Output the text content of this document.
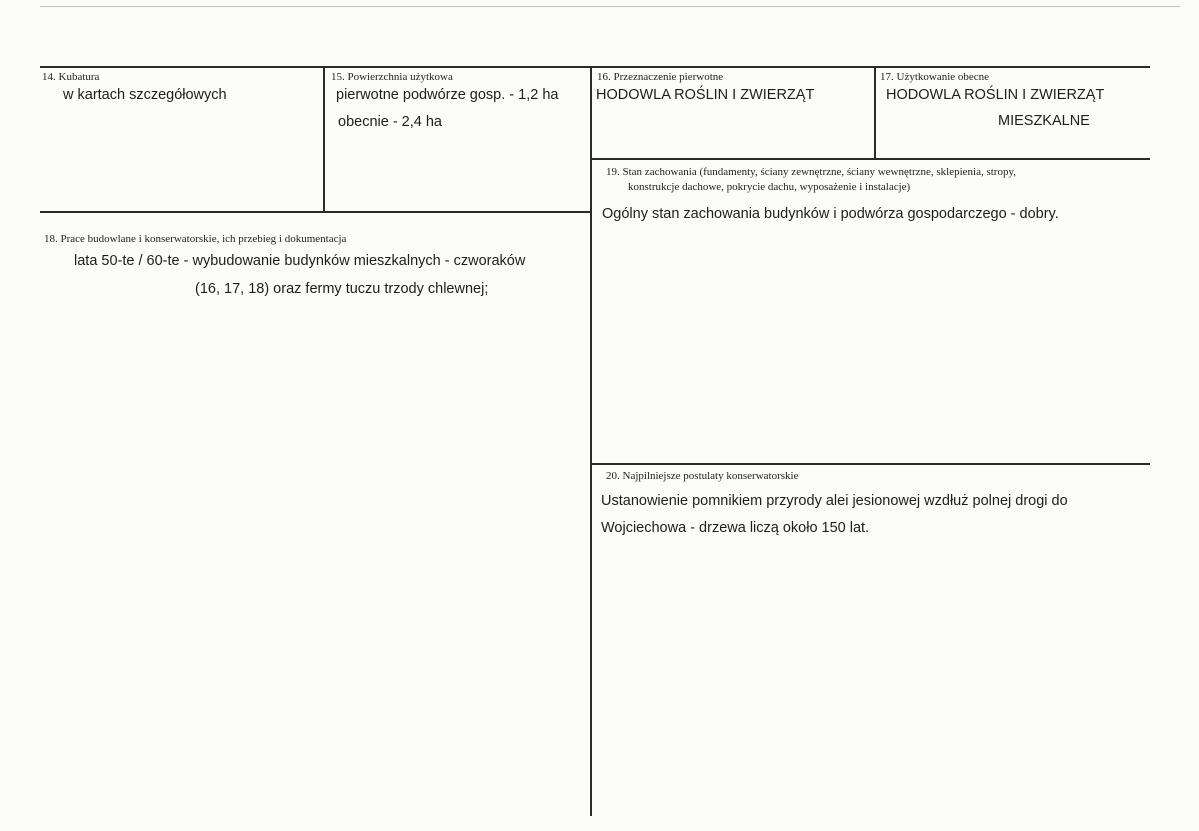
14. Kubatura
w kartach szczegółowych
15. Powierzchnia użytkowa
pierwotne podwórze gosp. - 1,2 ha
obecnie - 2,4 ha
16. Przeznaczenie pierwotne
HODOWLA ROŚLIN I ZWIERZĄT
17. Użytkowanie obecne
HODOWLA ROŚLIN I ZWIERZĄT
MIESZKALNE
19. Stan zachowania (fundamenty, ściany zewnętrzne, ściany wewnętrzne, sklepienia, stropy,
konstrukcje dachowe, pokrycie dachu, wyposażenie i instalacje)
Ogólny stan zachowania budynków i podwórza gospodarczego - dobry.
18. Prace budowlane i konserwatorskie, ich przebieg i dokumentacja
lata 50-te / 60-te - wybudowanie budynków mieszkalnych - czworaków
(16, 17, 18) oraz fermy tuczu trzody chlewnej;
20. Najpilniejsze postulaty konserwatorskie
Ustanowienie pomnikiem przyrody alei jesionowej wzdłuż polnej drogi do
Wojciechowa - drzewa liczą około 150 lat.
